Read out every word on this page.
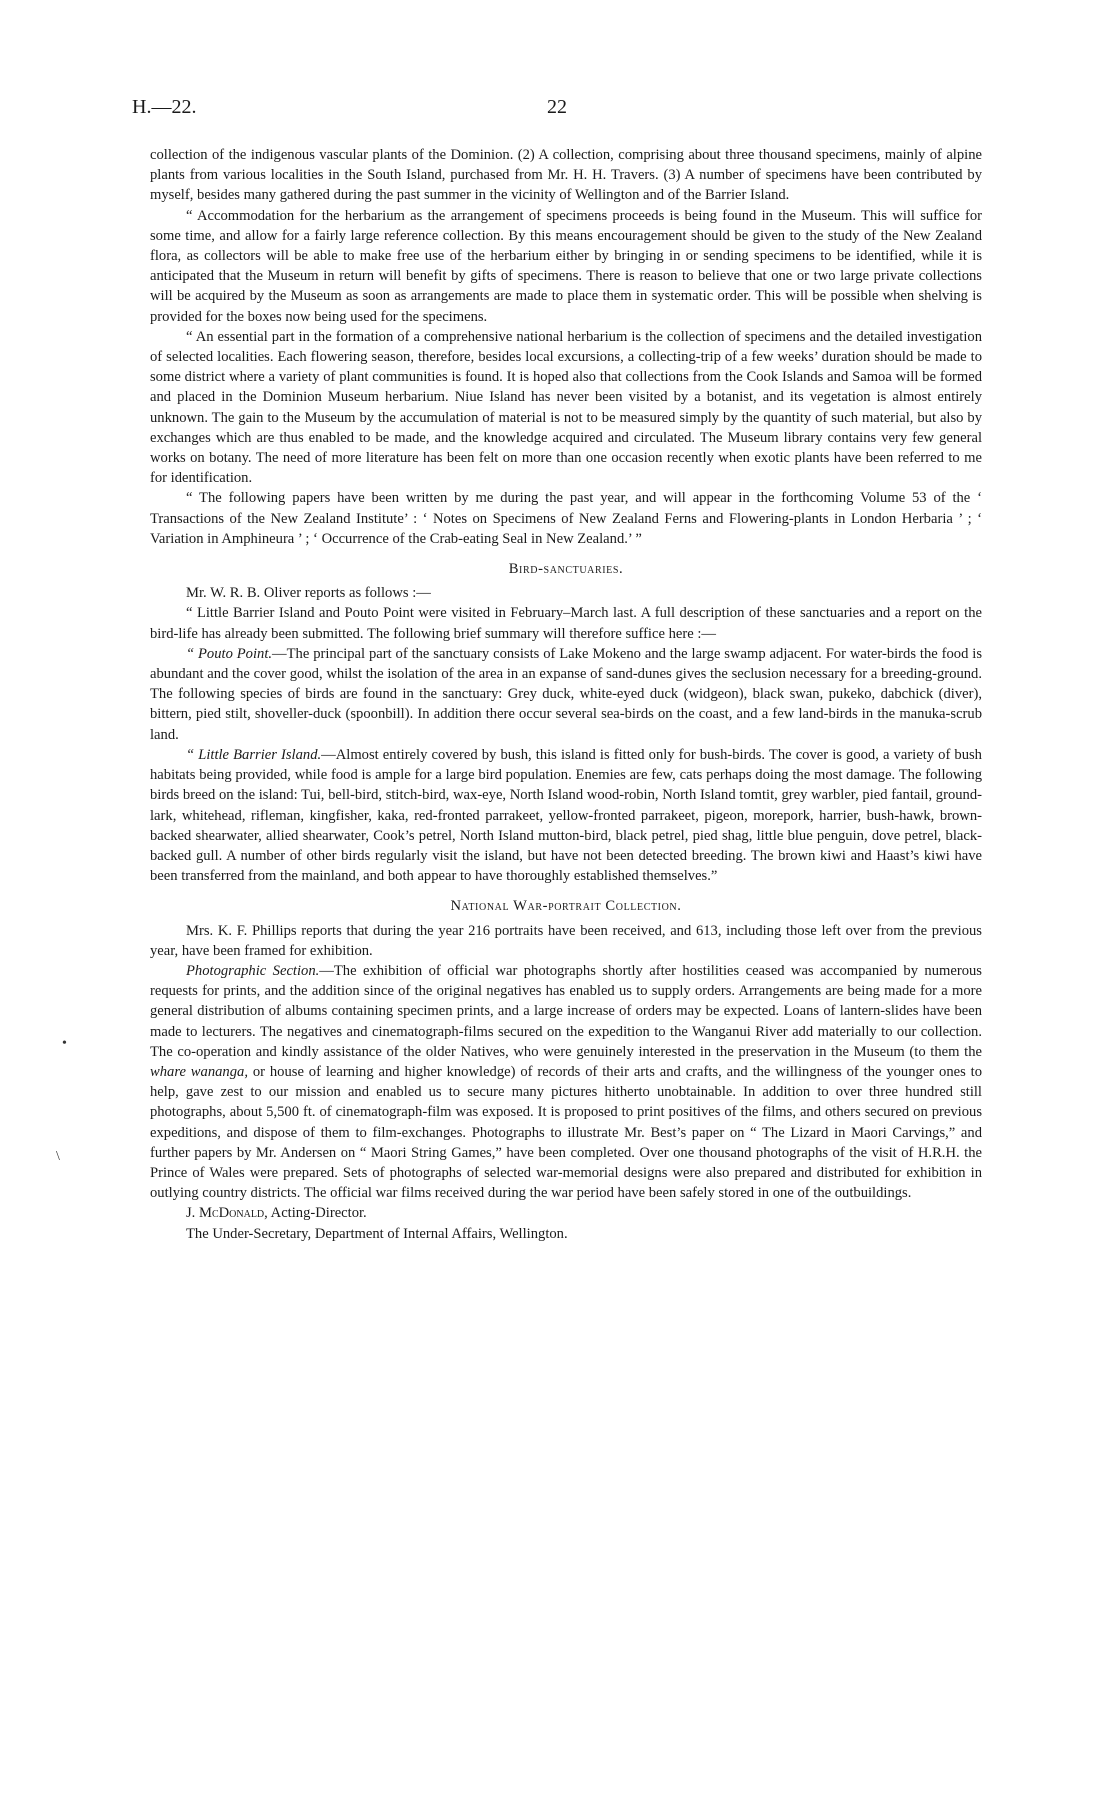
H.—22.	22

collection of the indigenous vascular plants of the Dominion. (2) A collection, comprising about three thousand specimens, mainly of alpine plants from various localities in the South Island, purchased from Mr. H. H. Travers. (3) A number of specimens have been contributed by myself, besides many gathered during the past summer in the vicinity of Wellington and of the Barrier Island.

“ Accommodation for the herbarium as the arrangement of specimens proceeds is being found in the Museum. This will suffice for some time, and allow for a fairly large reference collection. By this means encouragement should be given to the study of the New Zealand flora, as collectors will be able to make free use of the herbarium either by bringing in or sending specimens to be identified, while it is anticipated that the Museum in return will benefit by gifts of specimens. There is reason to believe that one or two large private collections will be acquired by the Museum as soon as arrangements are made to place them in systematic order. This will be possible when shelving is provided for the boxes now being used for the specimens.

“ An essential part in the formation of a comprehensive national herbarium is the collection of specimens and the detailed investigation of selected localities. Each flowering season, therefore, besides local excursions, a collecting-trip of a few weeks’ duration should be made to some district where a variety of plant communities is found. It is hoped also that collections from the Cook Islands and Samoa will be formed and placed in the Dominion Museum herbarium. Niue Island has never been visited by a botanist, and its vegetation is almost entirely unknown. The gain to the Museum by the accumulation of material is not to be measured simply by the quantity of such material, but also by exchanges which are thus enabled to be made, and the knowledge acquired and circulated. The Museum library contains very few general works on botany. The need of more literature has been felt on more than one occasion recently when exotic plants have been referred to me for identification.

“ The following papers have been written by me during the past year, and will appear in the forthcoming Volume 53 of the ‘ Transactions of the New Zealand Institute’ : ‘ Notes on Specimens of New Zealand Ferns and Flowering-plants in London Herbaria ’ ; ‘ Variation in Amphineura ’ ; ‘ Occurrence of the Crab-eating Seal in New Zealand.’ ”

Bird-sanctuaries.

Mr. W. R. B. Oliver reports as follows :—

“ Little Barrier Island and Pouto Point were visited in February–March last. A full description of these sanctuaries and a report on the bird-life has already been submitted. The following brief summary will therefore suffice here :—

“ Pouto Point.—The principal part of the sanctuary consists of Lake Mokeno and the large swamp adjacent. For water-birds the food is abundant and the cover good, whilst the isolation of the area in an expanse of sand-dunes gives the seclusion necessary for a breeding-ground. The following species of birds are found in the sanctuary: Grey duck, white-eyed duck (widgeon), black swan, pukeko, dabchick (diver), bittern, pied stilt, shoveller-duck (spoonbill). In addition there occur several sea-birds on the coast, and a few land-birds in the manuka-scrub land.

“ Little Barrier Island.—Almost entirely covered by bush, this island is fitted only for bush-birds. The cover is good, a variety of bush habitats being provided, while food is ample for a large bird population. Enemies are few, cats perhaps doing the most damage. The following birds breed on the island: Tui, bell-bird, stitch-bird, wax-eye, North Island wood-robin, North Island tomtit, grey warbler, pied fantail, ground-lark, whitehead, rifleman, kingfisher, kaka, red-fronted parrakeet, yellow-fronted parrakeet, pigeon, morepork, harrier, bush-hawk, brown-backed shearwater, allied shearwater, Cook’s petrel, North Island mutton-bird, black petrel, pied shag, little blue penguin, dove petrel, black-backed gull. A number of other birds regularly visit the island, but have not been detected breeding. The brown kiwi and Haast’s kiwi have been transferred from the mainland, and both appear to have thoroughly established themselves.”

National War-portrait Collection.

Mrs. K. F. Phillips reports that during the year 216 portraits have been received, and 613, including those left over from the previous year, have been framed for exhibition.

Photographic Section.—The exhibition of official war photographs shortly after hostilities ceased was accompanied by numerous requests for prints, and the addition since of the original negatives has enabled us to supply orders. Arrangements are being made for a more general distribution of albums containing specimen prints, and a large increase of orders may be expected. Loans of lantern-slides have been made to lecturers. The negatives and cinematograph-films secured on the expedition to the Wanganui River add materially to our collection. The co-operation and kindly assistance of the older Natives, who were genuinely interested in the preservation in the Museum (to them the whare wananga, or house of learning and higher knowledge) of records of their arts and crafts, and the willingness of the younger ones to help, gave zest to our mission and enabled us to secure many pictures hitherto unobtainable. In addition to over three hundred still photographs, about 5,500 ft. of cinematograph-film was exposed. It is proposed to print positives of the films, and others secured on previous expeditions, and dispose of them to film-exchanges. Photographs to illustrate Mr. Best’s paper on “ The Lizard in Maori Carvings,” and further papers by Mr. Andersen on “ Maori String Games,” have been completed. Over one thousand photographs of the visit of H.R.H. the Prince of Wales were prepared. Sets of photographs of selected war-memorial designs were also prepared and distributed for exhibition in outlying country districts. The official war films received during the war period have been safely stored in one of the outbuildings.

J. McDonald, Acting-Director.

The Under-Secretary, Department of Internal Affairs, Wellington.

•
\
